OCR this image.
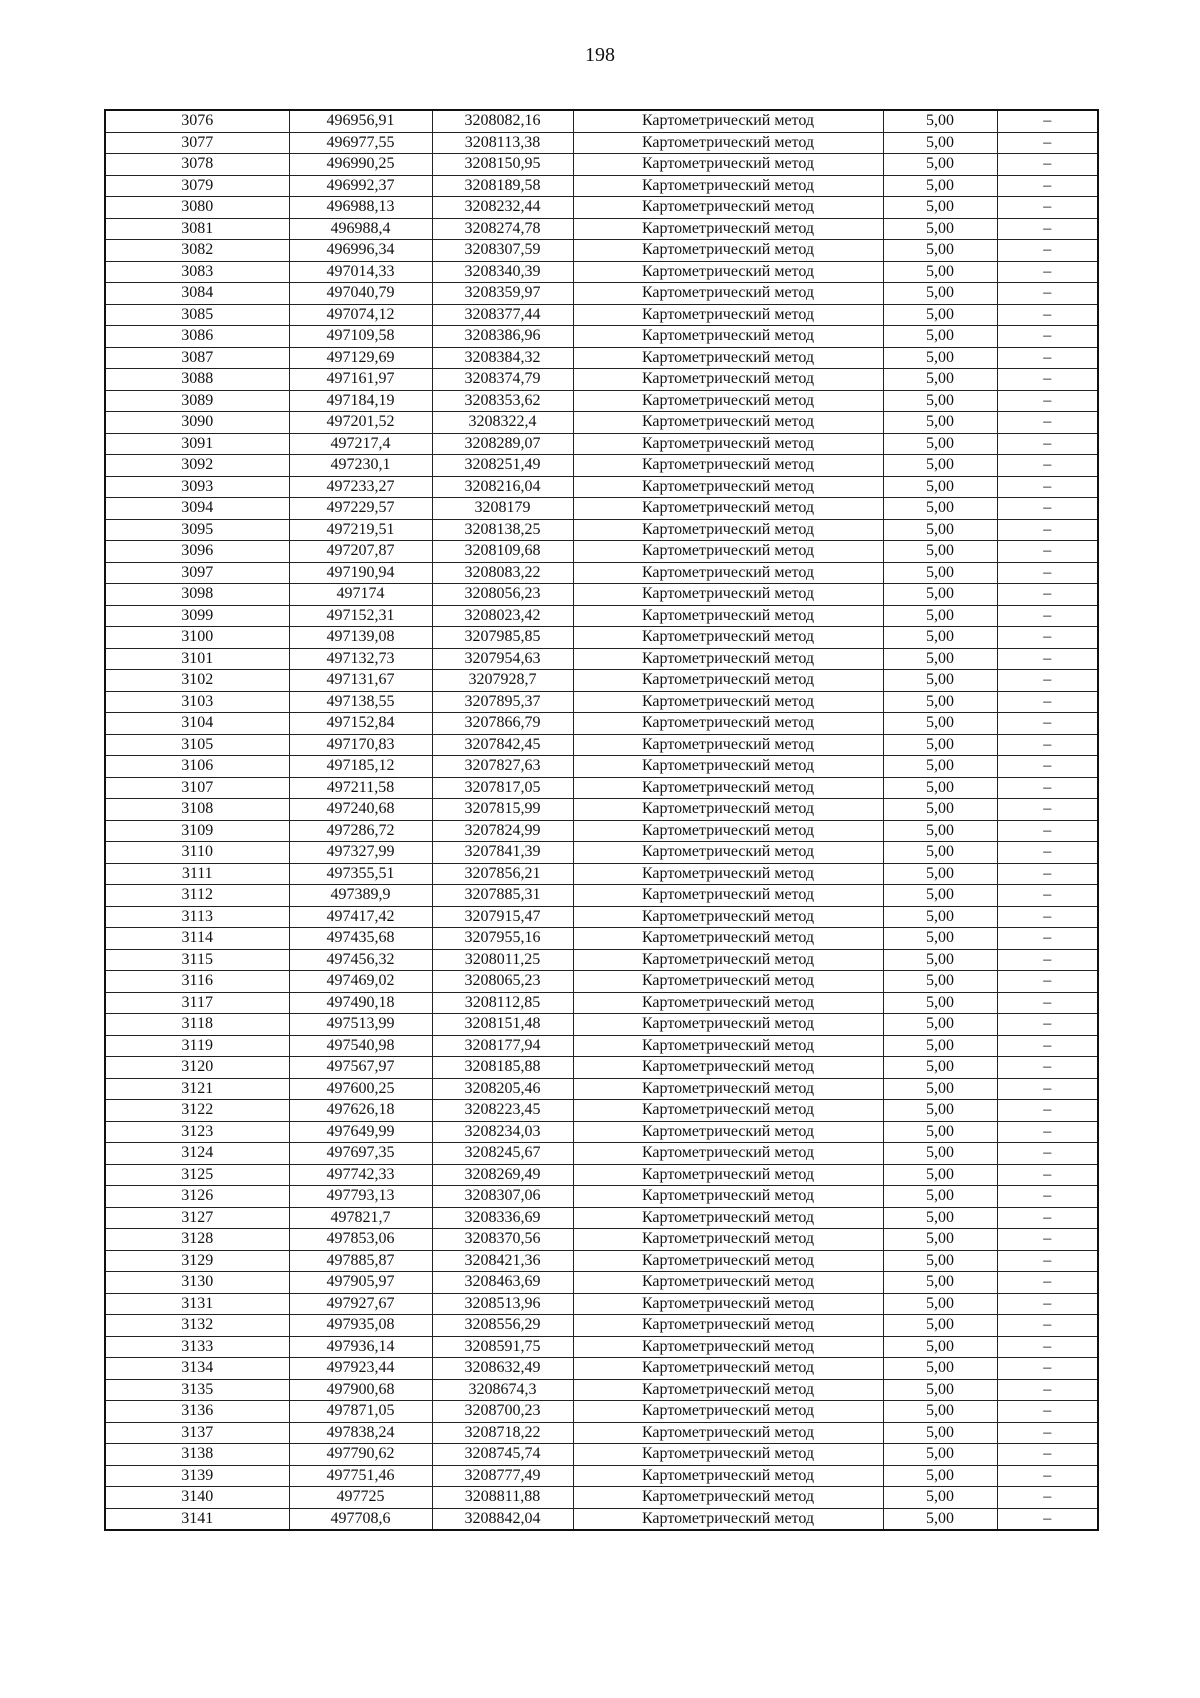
198
3076	496956,91	3208082,16	Картометрический метод	5,00	–
3077	496977,55	3208113,38	Картометрический метод	5,00	–
3078	496990,25	3208150,95	Картометрический метод	5,00	–
3079	496992,37	3208189,58	Картометрический метод	5,00	–
3080	496988,13	3208232,44	Картометрический метод	5,00	–
3081	496988,4	3208274,78	Картометрический метод	5,00	–
3082	496996,34	3208307,59	Картометрический метод	5,00	–
3083	497014,33	3208340,39	Картометрический метод	5,00	–
3084	497040,79	3208359,97	Картометрический метод	5,00	–
3085	497074,12	3208377,44	Картометрический метод	5,00	–
3086	497109,58	3208386,96	Картометрический метод	5,00	–
3087	497129,69	3208384,32	Картометрический метод	5,00	–
3088	497161,97	3208374,79	Картометрический метод	5,00	–
3089	497184,19	3208353,62	Картометрический метод	5,00	–
3090	497201,52	3208322,4	Картометрический метод	5,00	–
3091	497217,4	3208289,07	Картометрический метод	5,00	–
3092	497230,1	3208251,49	Картометрический метод	5,00	–
3093	497233,27	3208216,04	Картометрический метод	5,00	–
3094	497229,57	3208179	Картометрический метод	5,00	–
3095	497219,51	3208138,25	Картометрический метод	5,00	–
3096	497207,87	3208109,68	Картометрический метод	5,00	–
3097	497190,94	3208083,22	Картометрический метод	5,00	–
3098	497174	3208056,23	Картометрический метод	5,00	–
3099	497152,31	3208023,42	Картометрический метод	5,00	–
3100	497139,08	3207985,85	Картометрический метод	5,00	–
3101	497132,73	3207954,63	Картометрический метод	5,00	–
3102	497131,67	3207928,7	Картометрический метод	5,00	–
3103	497138,55	3207895,37	Картометрический метод	5,00	–
3104	497152,84	3207866,79	Картометрический метод	5,00	–
3105	497170,83	3207842,45	Картометрический метод	5,00	–
3106	497185,12	3207827,63	Картометрический метод	5,00	–
3107	497211,58	3207817,05	Картометрический метод	5,00	–
3108	497240,68	3207815,99	Картометрический метод	5,00	–
3109	497286,72	3207824,99	Картометрический метод	5,00	–
3110	497327,99	3207841,39	Картометрический метод	5,00	–
3111	497355,51	3207856,21	Картометрический метод	5,00	–
3112	497389,9	3207885,31	Картометрический метод	5,00	–
3113	497417,42	3207915,47	Картометрический метод	5,00	–
3114	497435,68	3207955,16	Картометрический метод	5,00	–
3115	497456,32	3208011,25	Картометрический метод	5,00	–
3116	497469,02	3208065,23	Картометрический метод	5,00	–
3117	497490,18	3208112,85	Картометрический метод	5,00	–
3118	497513,99	3208151,48	Картометрический метод	5,00	–
3119	497540,98	3208177,94	Картометрический метод	5,00	–
3120	497567,97	3208185,88	Картометрический метод	5,00	–
3121	497600,25	3208205,46	Картометрический метод	5,00	–
3122	497626,18	3208223,45	Картометрический метод	5,00	–
3123	497649,99	3208234,03	Картометрический метод	5,00	–
3124	497697,35	3208245,67	Картометрический метод	5,00	–
3125	497742,33	3208269,49	Картометрический метод	5,00	–
3126	497793,13	3208307,06	Картометрический метод	5,00	–
3127	497821,7	3208336,69	Картометрический метод	5,00	–
3128	497853,06	3208370,56	Картометрический метод	5,00	–
3129	497885,87	3208421,36	Картометрический метод	5,00	–
3130	497905,97	3208463,69	Картометрический метод	5,00	–
3131	497927,67	3208513,96	Картометрический метод	5,00	–
3132	497935,08	3208556,29	Картометрический метод	5,00	–
3133	497936,14	3208591,75	Картометрический метод	5,00	–
3134	497923,44	3208632,49	Картометрический метод	5,00	–
3135	497900,68	3208674,3	Картометрический метод	5,00	–
3136	497871,05	3208700,23	Картометрический метод	5,00	–
3137	497838,24	3208718,22	Картометрический метод	5,00	–
3138	497790,62	3208745,74	Картометрический метод	5,00	–
3139	497751,46	3208777,49	Картометрический метод	5,00	–
3140	497725	3208811,88	Картометрический метод	5,00	–
3141	497708,6	3208842,04	Картометрический метод	5,00	–
